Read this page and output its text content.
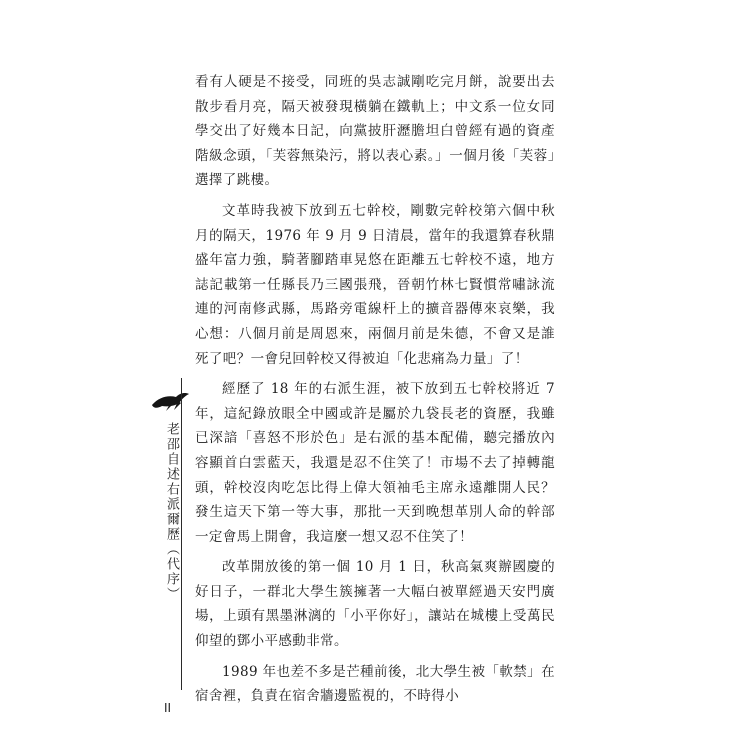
看有人硬是不接受，同班的吳志誠剛吃完月餅，說要出去散步看月亮，隔天被發現橫躺在鐵軌上；中文系一位女同學交出了好幾本日記，向黨披肝瀝膽坦白曾經有過的資產階級念頭，「芙蓉無染污，將以表心素。」一個月後「芙蓉」選擇了跳樓。

文革時我被下放到五七幹校，剛數完幹校第六個中秋月的隔天，1976 年 9 月 9 日清晨，當年的我還算春秋鼎盛年富力強，騎著腳踏車晃悠在距離五七幹校不遠，地方誌記載第一任縣長乃三國張飛，晉朝竹林七賢慣常嘯詠流連的河南修武縣，馬路旁電線杆上的擴音器傳來哀樂，我心想：八個月前是周恩來，兩個月前是朱德，不會又是誰死了吧？一會兒回幹校又得被迫「化悲痛為力量」了！

經歷了 18 年的右派生涯，被下放到五七幹校將近 7 年，這紀錄放眼全中國或許是屬於九袋長老的資歷，我雖已深諳「喜怒不形於色」是右派的基本配備，聽完播放內容顯首白雲藍天，我還是忍不住笑了！市場不去了掉轉龍頭，幹校沒肉吃怎比得上偉大領袖毛主席永遠離開人民？發生這天下第一等大事，那批一天到晚想革別人命的幹部一定會馬上開會，我這麼一想又忍不住笑了！

改革開放後的第一個 10 月 1 日，秋高氣爽辦國慶的好日子，一群北大學生簇擁著一大幅白被單經過天安門廣場，上頭有黑墨淋漓的「小平你好」，讓站在城樓上受萬民仰望的鄧小平感動非常。

1989 年也差不多是芒種前後，北大學生被「軟禁」在宿舍裡，負責在宿舍牆邊監視的，不時得小

老邵自述右派爾歷（代序）
II
